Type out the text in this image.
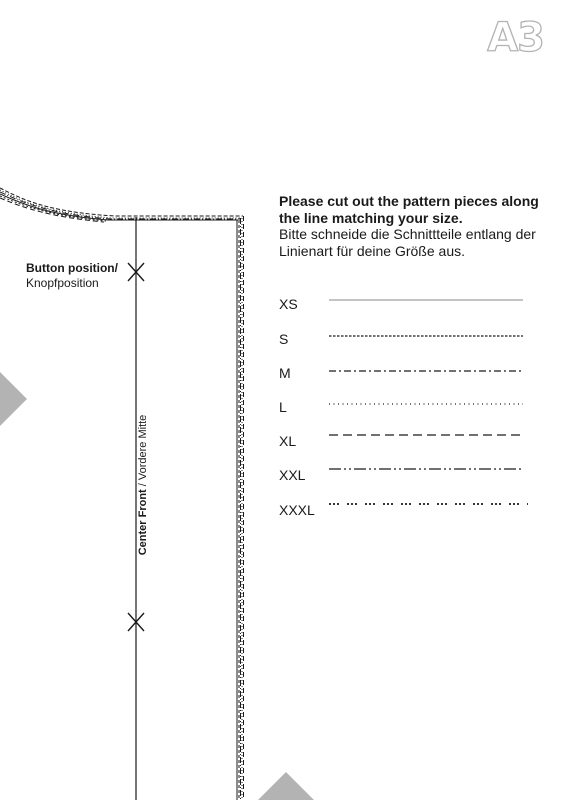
A3
Button position/
Knopfposition
Center Front / Vordere Mitte
Please cut out the pattern pieces along the line matching your size.
Bitte schneide die Schnittteile entlang der Linienart für deine Größe aus.
XS
S
M
L
XL
XXL
XXXL
